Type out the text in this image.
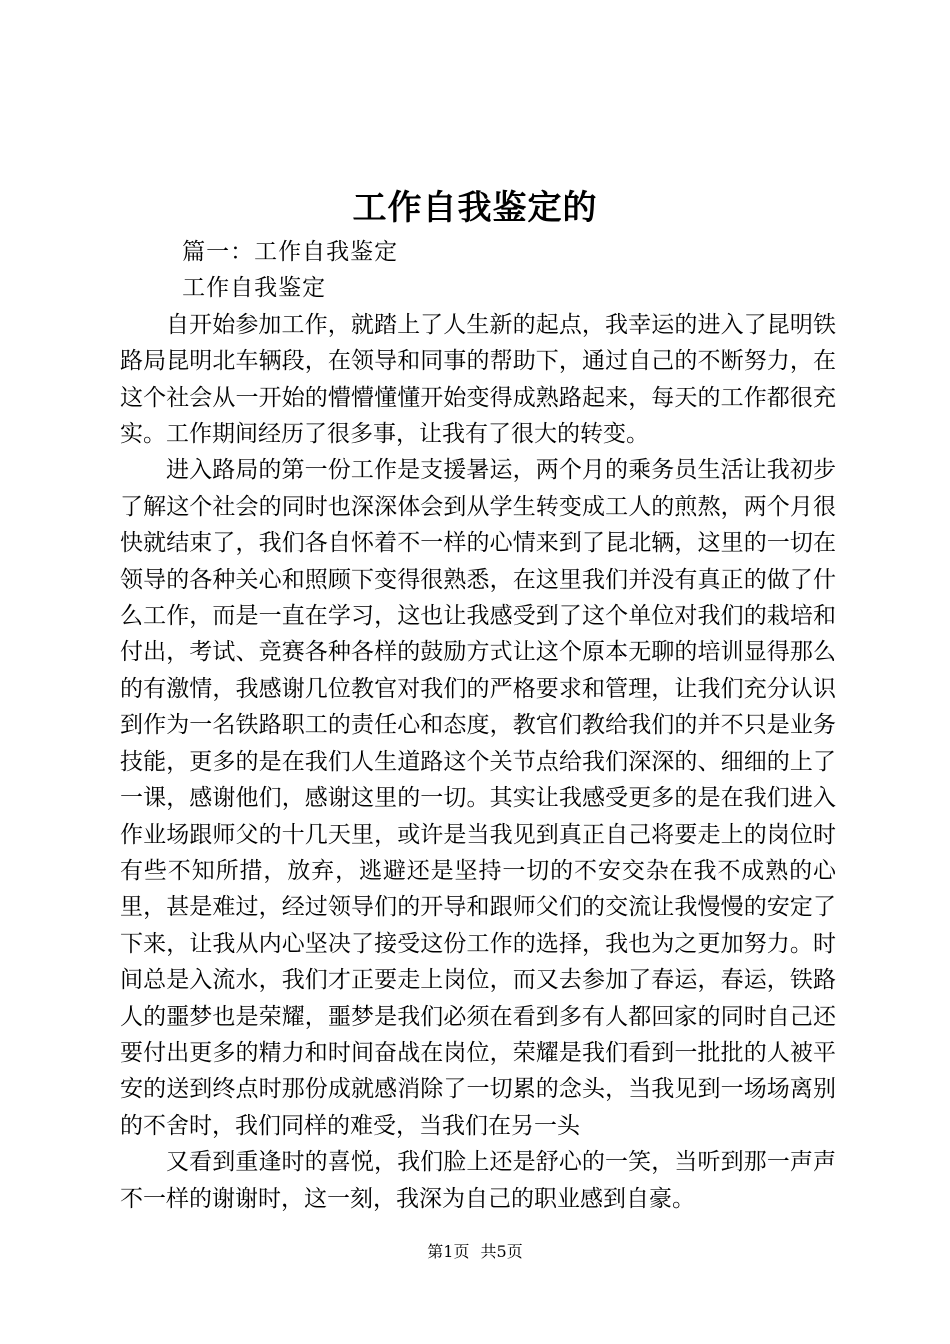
工作自我鉴定的

篇一：工作自我鉴定

工作自我鉴定

自开始参加工作，就踏上了人生新的起点，我幸运的进入了昆明铁路局昆明北车辆段，在领导和同事的帮助下，通过自己的不断努力，在这个社会从一开始的懵懵懂懂开始变得成熟路起来，每天的工作都很充实。工作期间经历了很多事，让我有了很大的转变。

进入路局的第一份工作是支援暑运，两个月的乘务员生活让我初步了解这个社会的同时也深深体会到从学生转变成工人的煎熬，两个月很快就结束了，我们各自怀着不一样的心情来到了昆北辆，这里的一切在领导的各种关心和照顾下变得很熟悉，在这里我们并没有真正的做了什么工作，而是一直在学习，这也让我感受到了这个单位对我们的栽培和付出，考试、竞赛各种各样的鼓励方式让这个原本无聊的培训显得那么的有激情，我感谢几位教官对我们的严格要求和管理，让我们充分认识到作为一名铁路职工的责任心和态度，教官们教给我们的并不只是业务技能，更多的是在我们人生道路这个关节点给我们深深的、细细的上了一课，感谢他们，感谢这里的一切。其实让我感受更多的是在我们进入作业场跟师父的十几天里，或许是当我见到真正自己将要走上的岗位时有些不知所措，放弃，逃避还是坚持一切的不安交杂在我不成熟的心里，甚是难过，经过领导们的开导和跟师父们的交流让我慢慢的安定了下来，让我从内心坚决了接受这份工作的选择，我也为之更加努力。时间总是入流水，我们才正要走上岗位，而又去参加了春运，春运，铁路人的噩梦也是荣耀，噩梦是我们必须在看到多有人都回家的同时自己还要付出更多的精力和时间奋战在岗位，荣耀是我们看到一批批的人被平安的送到终点时那份成就感消除了一切累的念头，当我见到一场场离别的不舍时，我们同样的难受，当我们在另一头

又看到重逢时的喜悦，我们脸上还是舒心的一笑，当听到那一声声不一样的谢谢时，这一刻，我深为自己的职业感到自豪。

第1页 共5页
